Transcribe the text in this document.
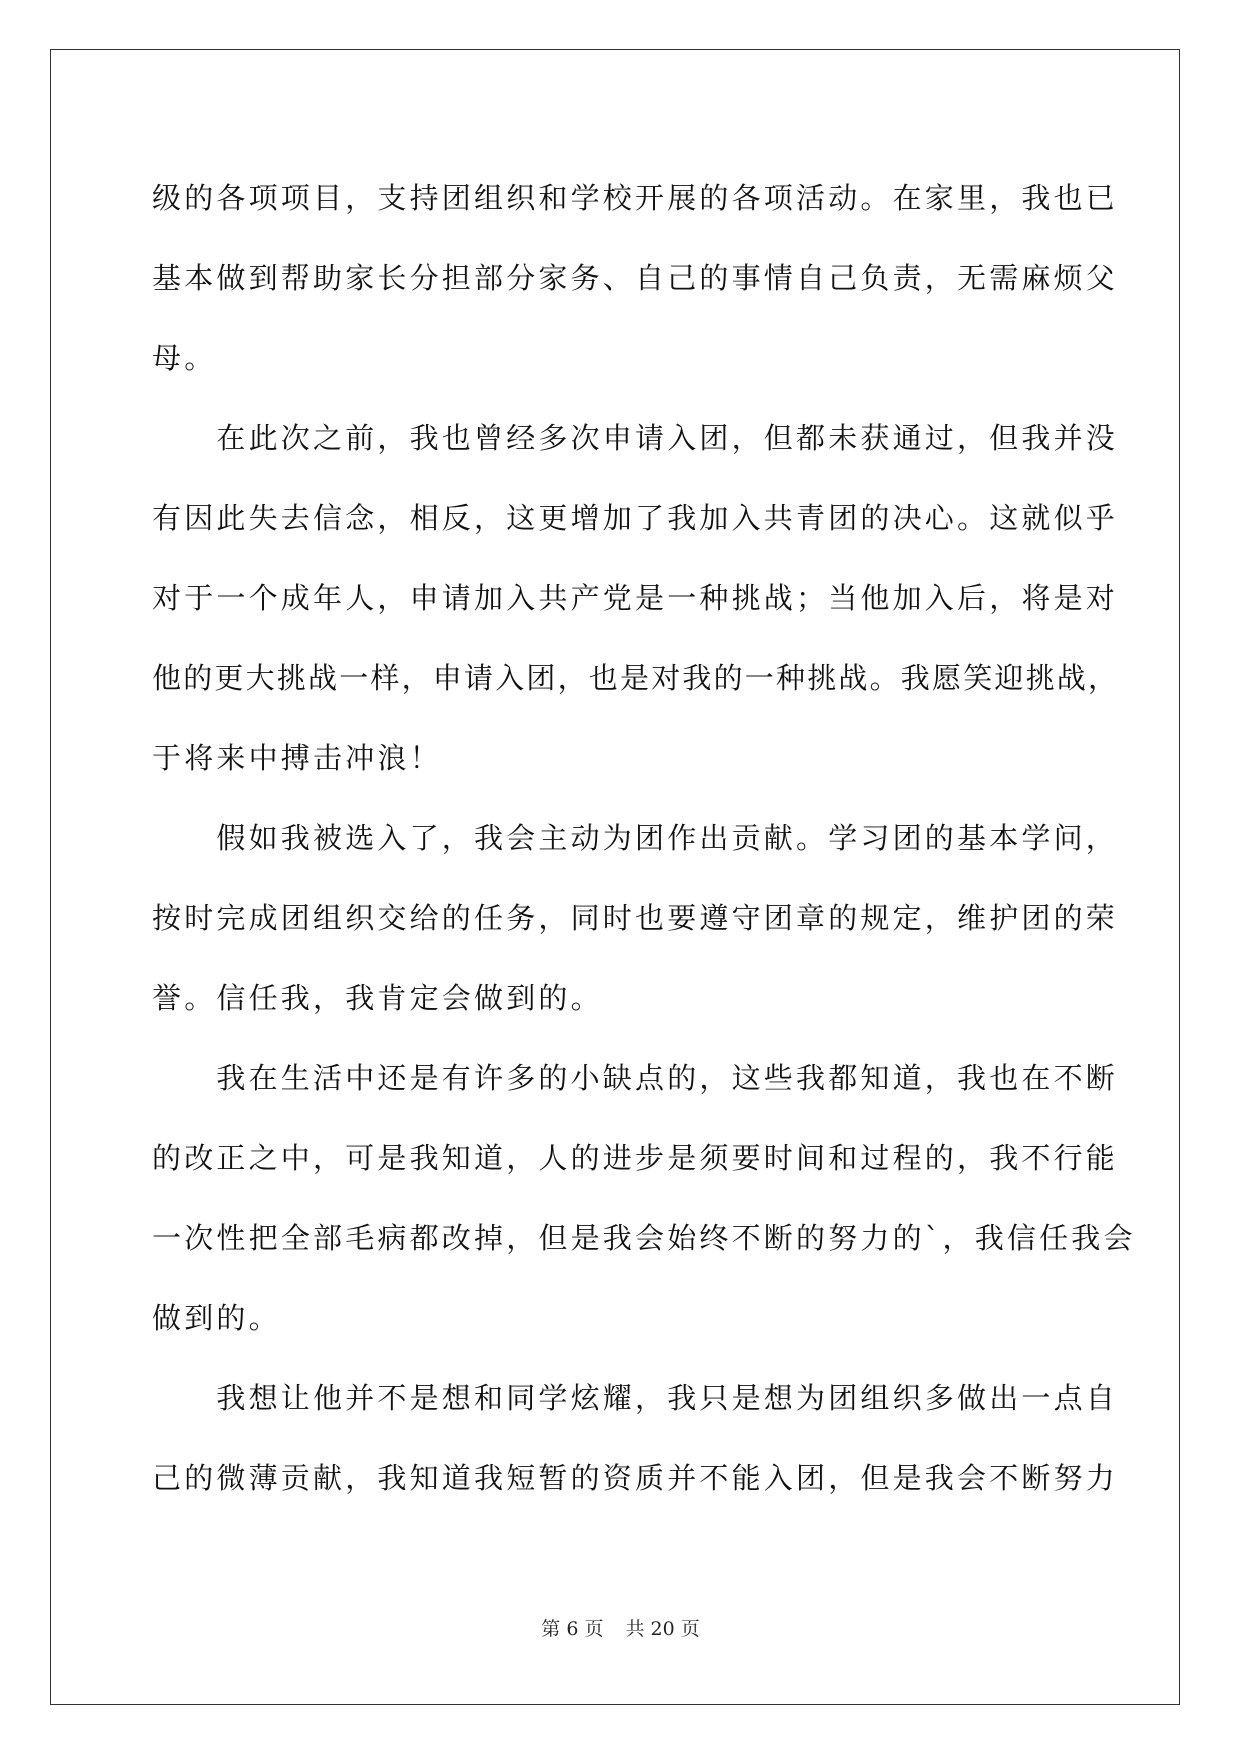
级的各项项目，支持团组织和学校开展的各项活动。在家里，我也已
基本做到帮助家长分担部分家务、自己的事情自己负责，无需麻烦父
母。
　　在此次之前，我也曾经多次申请入团，但都未获通过，但我并没
有因此失去信念，相反，这更增加了我加入共青团的决心。这就似乎
对于一个成年人，申请加入共产党是一种挑战；当他加入后，将是对
他的更大挑战一样，申请入团，也是对我的一种挑战。我愿笑迎挑战，
于将来中搏击冲浪！
　　假如我被选入了，我会主动为团作出贡献。学习团的基本学问，
按时完成团组织交给的任务，同时也要遵守团章的规定，维护团的荣
誉。信任我，我肯定会做到的。
　　我在生活中还是有许多的小缺点的，这些我都知道，我也在不断
的改正之中，可是我知道，人的进步是须要时间和过程的，我不行能
一次性把全部毛病都改掉，但是我会始终不断的努力的`，我信任我会
做到的。
　　我想让他并不是想和同学炫耀，我只是想为团组织多做出一点自
己的微薄贡献，我知道我短暂的资质并不能入团，但是我会不断努力
第 6 页 共 20 页
